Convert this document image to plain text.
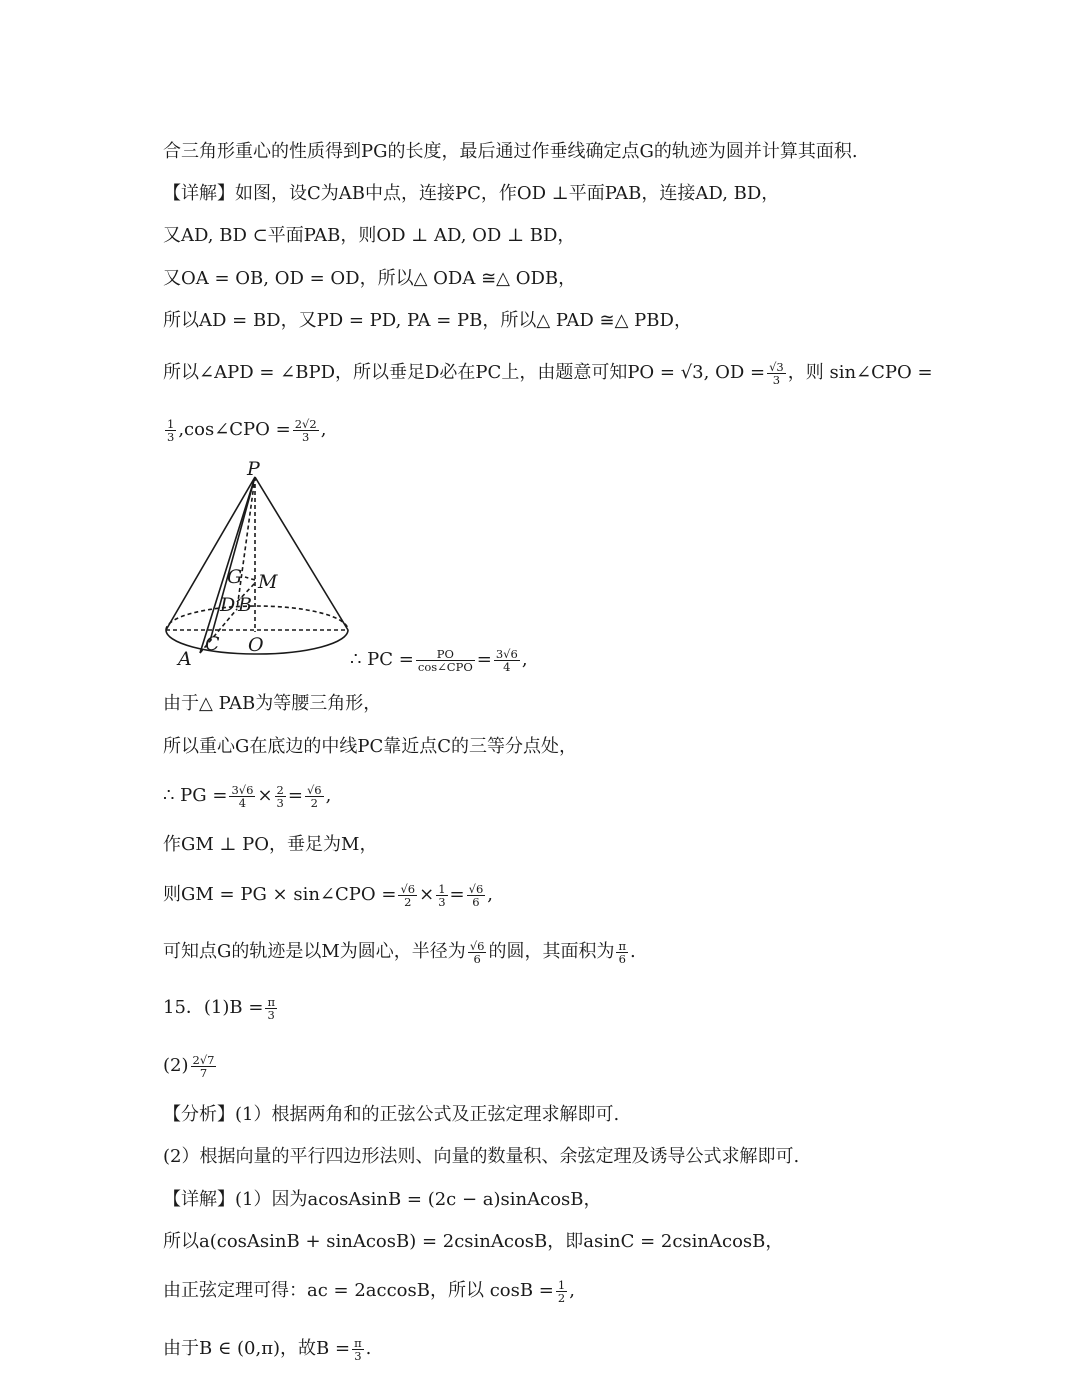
合三角形重心的性质得到PG的长度，最后通过作垂线确定点G的轨迹为圆并计算其面积.
【详解】如图，设C为AB中点，连接PC，作OD ⊥平面PAB，连接AD, BD，
又AD, BD ⊂平面PAB，则OD ⊥ AD, OD ⊥ BD，
又OA = OB, OD = OD，所以△ ODA ≅△ ODB，
所以AD = BD，又PD = PD, PA = PB，所以△ PAD ≅△ PBD，
所以∠APD = ∠BPD，所以垂足D必在PC上，由题意可知PO = √3, OD = $\frac{√3}{3}$ ，则 sin∠CPO =
$\frac{1}{3}$ ,cos∠CPO = $\frac{2√2}{3}$ ,
P
G M
D B
C O
A	∴ PC = $\frac{PO}{\text{cos∠CPO}} = \frac{3√6}{4}$ ,
由于△ PAB为等腰三角形，
所以重心G在底边的中线PC靠近点C的三等分点处，
∴ PG = $\frac{3√6}{4} \times \frac{2}{3} = \frac{√6}{2}$ ,
作GM ⊥ PO，垂足为M，
则GM = PG × sin∠CPO = $\frac{√6}{2} \times \frac{1}{3} = \frac{√6}{6}$ ,
可知点G的轨迹是以M为圆心，半径为 $\frac{√6}{6}$ 的圆，其面积为 $\frac{\pi}{6}$ .
15．$(1)B = \frac{\pi}{3}$
$(2) \frac{2√7}{7}$
【分析】(1）根据两角和的正弦公式及正弦定理求解即可.
(2）根据向量的平行四边形法则、向量的数量积、余弦定理及诱导公式求解即可.
【详解】(1）因为acosAsinB = (2c − a)sinAcosB，
所以a(cosAsinB + sinAcosB) = 2csinAcosB，即asinC = 2csinAcosB，
由正弦定理可得：ac = 2accosB，所以 $\cos B = \frac{1}{2}$ ,
由于B ∈ (0,π)，故$B = \frac{\pi}{3}$ .
